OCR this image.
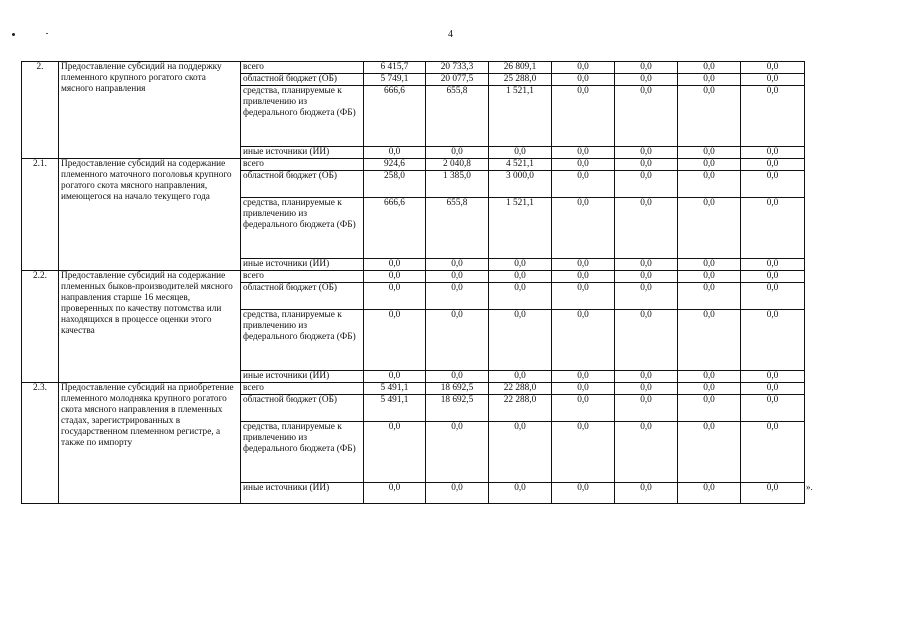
4
2.	Предоставление субсидий на поддержку племенного крупного рогатого скота мясного направления	всего	6 415,7	20 733,3	26 809,1	0,0	0,0	0,0	0,0
		областной бюджет (ОБ)	5 749,1	20 077,5	25 288,0	0,0	0,0	0,0	0,0
		средства, планируемые к привлечению из федерального бюджета (ФБ)	666,6	655,8	1 521,1	0,0	0,0	0,0	0,0
		иные источники (ИИ)	0,0	0,0	0,0	0,0	0,0	0,0	0,0
2.1.	Предоставление субсидий на содержание племенного маточного поголовья крупного рогатого скота мясного направления, имеющегося на начало текущего года	всего	924,6	2 040,8	4 521,1	0,0	0,0	0,0	0,0
		областной бюджет (ОБ)	258,0	1 385,0	3 000,0	0,0	0,0	0,0	0,0
		средства, планируемые к привлечению из федерального бюджета (ФБ)	666,6	655,8	1 521,1	0,0	0,0	0,0	0,0
		иные источники (ИИ)	0,0	0,0	0,0	0,0	0,0	0,0	0,0
2.2.	Предоставление субсидий на содержание племенных быков-производителей мясного направления старше 16 месяцев, проверенных по качеству потомства или находящихся в процессе оценки этого качества	всего	0,0	0,0	0,0	0,0	0,0	0,0	0,0
		областной бюджет (ОБ)	0,0	0,0	0,0	0,0	0,0	0,0	0,0
		средства, планируемые к привлечению из федерального бюджета (ФБ)	0,0	0,0	0,0	0,0	0,0	0,0	0,0
		иные источники (ИИ)	0,0	0,0	0,0	0,0	0,0	0,0	0,0
2.3.	Предоставление субсидий на приобретение племенного молодняка крупного рогатого скота мясного направления в племенных стадах, зарегистрированных в государственном племенном регистре, а также по импорту	всего	5 491,1	18 692,5	22 288,0	0,0	0,0	0,0	0,0
		областной бюджет (ОБ)	5 491,1	18 692,5	22 288,0	0,0	0,0	0,0	0,0
		средства, планируемые к привлечению из федерального бюджета (ФБ)	0,0	0,0	0,0	0,0	0,0	0,0	0,0
		иные источники (ИИ)	0,0	0,0	0,0	0,0	0,0	0,0	0,0	».
